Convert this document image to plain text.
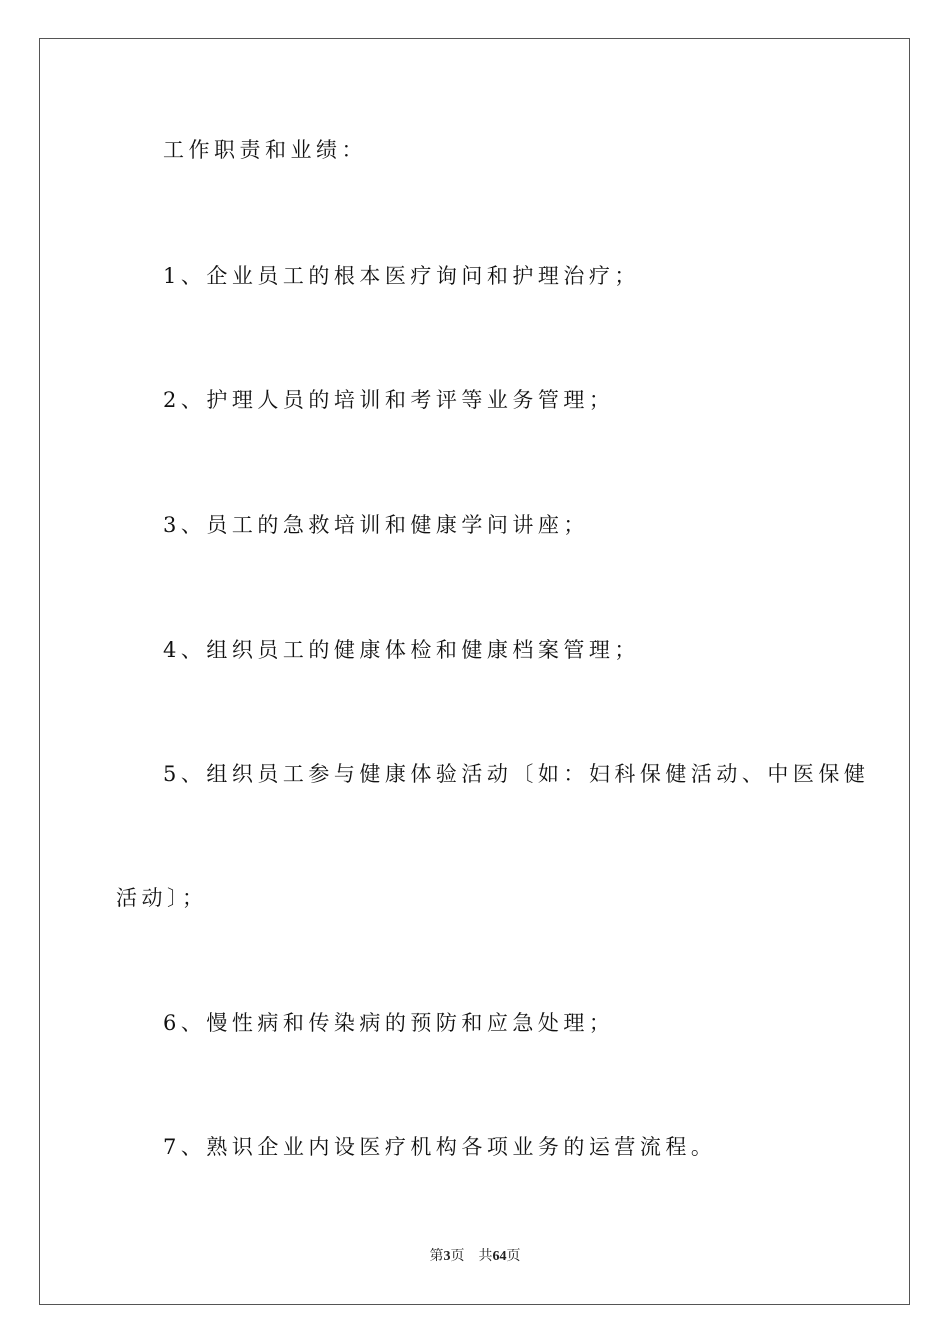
工作职责和业绩：
1、企业员工的根本医疗询问和护理治疗；
2、护理人员的培训和考评等业务管理；
3、员工的急救培训和健康学问讲座；
4、组织员工的健康体检和健康档案管理；
5、组织员工参与健康体验活动〔如：妇科保健活动、中医保健
活动〕；
6、慢性病和传染病的预防和应急处理；
7、熟识企业内设医疗机构各项业务的运营流程。
第3页 共64页
